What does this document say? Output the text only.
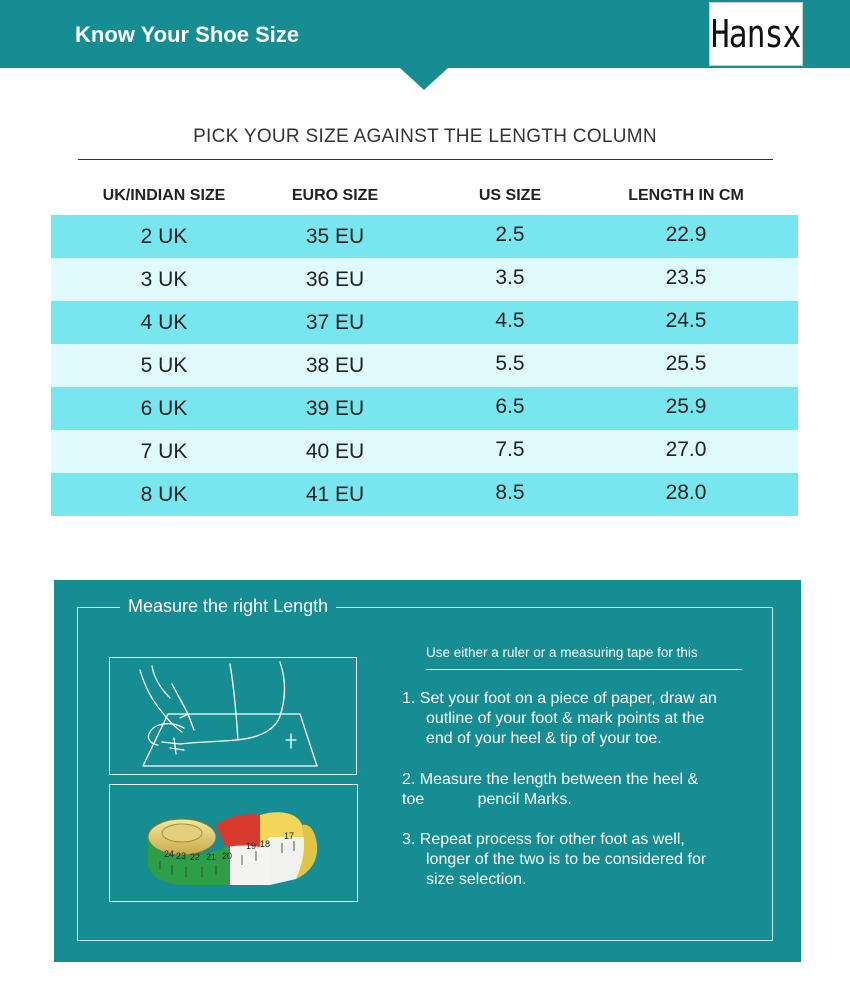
Know Your Shoe Size	Hansx
PICK YOUR SIZE AGAINST THE LENGTH COLUMN
UK/INDIAN SIZE	EURO SIZE	US SIZE	LENGTH IN CM
2 UK	35 EU	2.5	22.9
3 UK	36 EU	3.5	23.5
4 UK	37 EU	4.5	24.5
5 UK	38 EU	5.5	25.5
6 UK	39 EU	6.5	25.9
7 UK	40 EU	7.5	27.0
8 UK	41 EU	8.5	28.0
Measure the right Length
24 23 22 21 20
19 18
17
Use either a ruler or a measuring tape for this
1. Set your foot on a piece of paper, draw an
outline of your foot & mark points at the
end of your heel & tip of your toe.
2. Measure the length between the heel &
toe            pencil Marks.
3. Repeat process for other foot as well,
longer of the two is to be considered for
size selection.
